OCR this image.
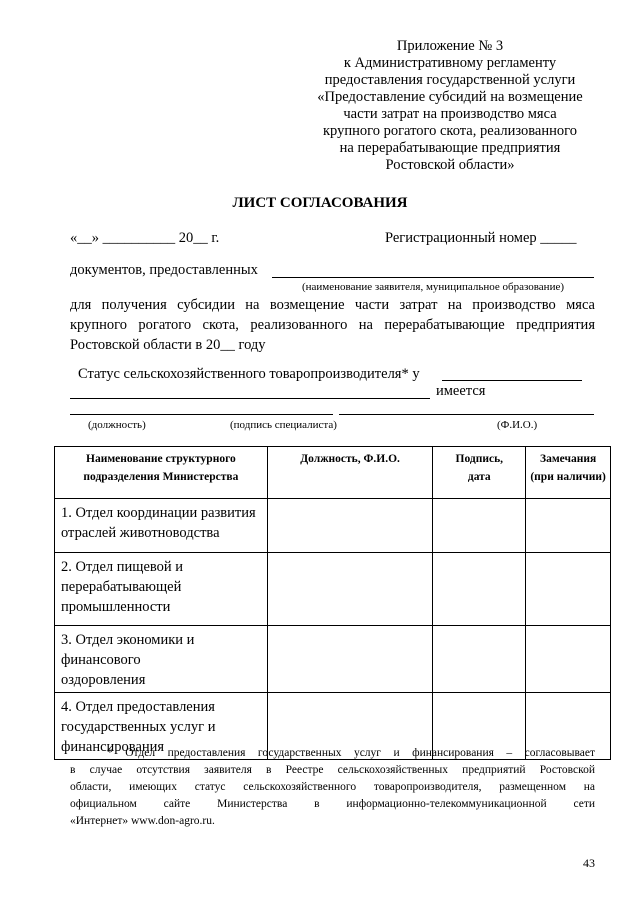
Приложение № 3
к Административному регламенту
предоставления государственной услуги
«Предоставление субсидий на возмещение
части затрат на производство мяса
крупного рогатого скота, реализованного
на перерабатывающие предприятия
Ростовской области»
ЛИСТ СОГЛАСОВАНИЯ
«__» __________ 20__ г.	Регистрационный номер _____
документов, предоставленных
(наименование заявителя, муниципальное образование)
для получения субсидии на возмещение части затрат на производство мяса
крупного рогатого скота, реализованного на перерабатывающие предприятия
Ростовской области в 20__ году
Статус сельскохозяйственного товаропроизводителя* у
имеется
(должность)	(подпись специалиста)	(Ф.И.О.)
Наименование структурного подразделения Министерства	Должность, Ф.И.О.	Подпись, дата	Замечания (при наличии)
1. Отдел координации развития отраслей животноводства			
2. Отдел пищевой и перерабатывающей промышленности			
3. Отдел экономики и финансового оздоровления			
4. Отдел предоставления государственных услуг и финансирования			
* Отдел предоставления государственных услуг и финансирования – согласовывает
в случае отсутствия заявителя в Реестре сельскохозяйственных предприятий Ростовской
области, имеющих статус сельскохозяйственного товаропроизводителя, размещенном на
официальном сайте Министерства в информационно-телекоммуникационной сети
«Интернет» www.don-agro.ru.
43
